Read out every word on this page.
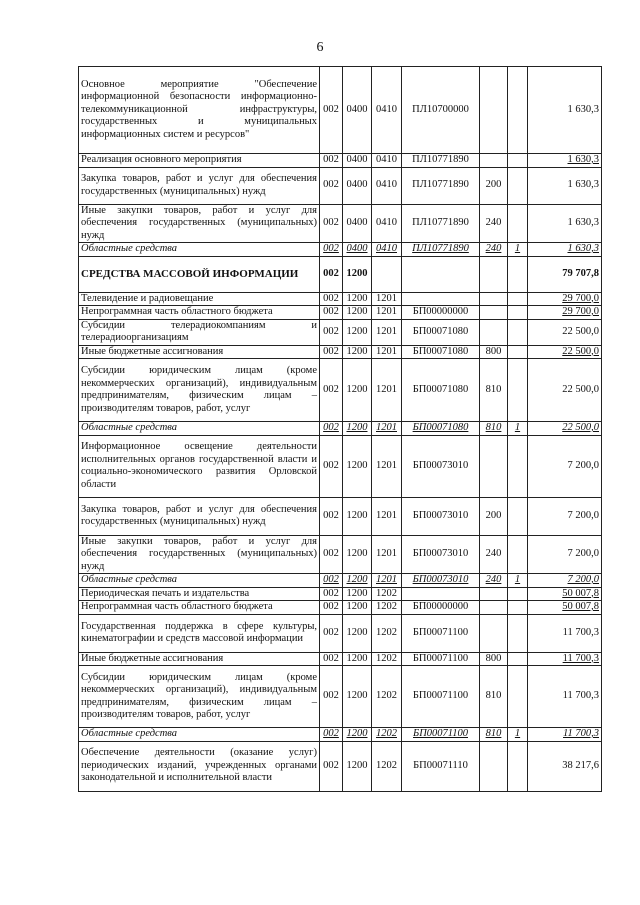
6
Основное мероприятие "Обеспечение информационной безопасности информационно-телекоммуникационной инфраструктуры, государственных и муниципальных информационных систем и ресурсов"	002	0400	0410	ПЛ10700000			1 630,3
Реализация основного мероприятия	002	0400	0410	ПЛ10771890			1 630,3
Закупка товаров, работ и услуг для обеспечения государственных (муниципальных) нужд	002	0400	0410	ПЛ10771890	200		1 630,3
Иные закупки товаров, работ и услуг для обеспечения государственных (муниципальных) нужд	002	0400	0410	ПЛ10771890	240		1 630,3
Областные средства	002	0400	0410	ПЛ10771890	240	1	1 630,3
СРЕДСТВА МАССОВОЙ ИНФОРМАЦИИ	002	1200					79 707,8
Телевидение и радиовещание	002	1200	1201				29 700,0
Непрограммная часть областного бюджета	002	1200	1201	БП00000000			29 700,0
Субсидии телерадиокомпаниям и телерадиоорганизациям	002	1200	1201	БП00071080			22 500,0
Иные бюджетные ассигнования	002	1200	1201	БП00071080	800		22 500,0
Субсидии юридическим лицам (кроме некоммерческих организаций), индивидуальным предпринимателям, физическим лицам – производителям товаров, работ, услуг	002	1200	1201	БП00071080	810		22 500,0
Областные средства	002	1200	1201	БП00071080	810	1	22 500,0
Информационное освещение деятельности исполнительных органов государственной власти и социально-экономического развития Орловской области	002	1200	1201	БП00073010			7 200,0
Закупка товаров, работ и услуг для обеспечения государственных (муниципальных) нужд	002	1200	1201	БП00073010	200		7 200,0
Иные закупки товаров, работ и услуг для обеспечения государственных (муниципальных) нужд	002	1200	1201	БП00073010	240		7 200,0
Областные средства	002	1200	1201	БП00073010	240	1	7 200,0
Периодическая печать и издательства	002	1200	1202				50 007,8
Непрограммная часть областного бюджета	002	1200	1202	БП00000000			50 007,8
Государственная поддержка в сфере культуры, кинематографии и средств массовой информации	002	1200	1202	БП00071100			11 700,3
Иные бюджетные ассигнования	002	1200	1202	БП00071100	800		11 700,3
Субсидии юридическим лицам (кроме некоммерческих организаций), индивидуальным предпринимателям, физическим лицам – производителям товаров, работ, услуг	002	1200	1202	БП00071100	810		11 700,3
Областные средства	002	1200	1202	БП00071100	810	1	11 700,3
Обеспечение деятельности (оказание услуг) периодических изданий, учрежденных органами законодательной и исполнительной власти	002	1200	1202	БП00071110			38 217,6
